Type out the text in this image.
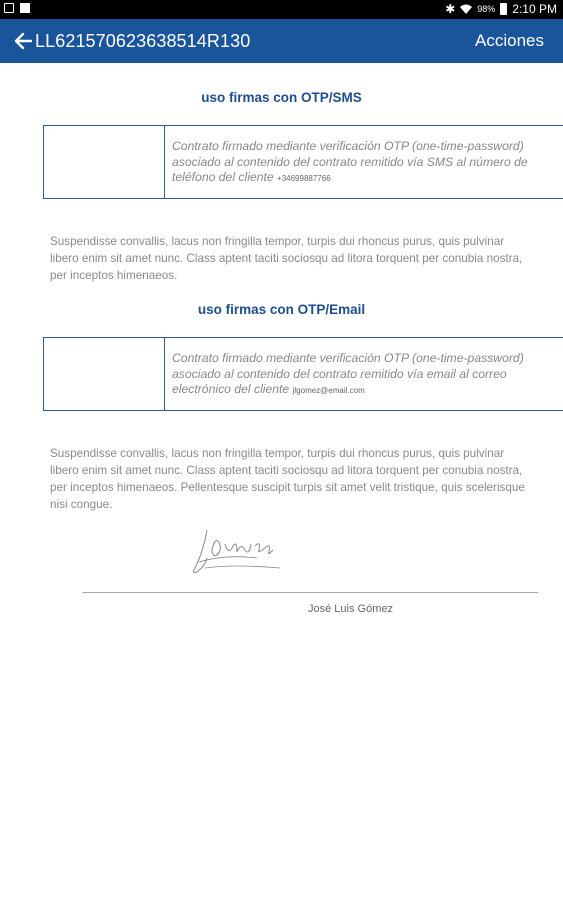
✱ 98% 2:10 PM
LL621570623638514R130	Acciones
uso firmas con OTP/SMS
Contrato firmado mediante verificación OTP (one-time-password) asociado al contenido del contrato remitido vía SMS al número de teléfono del cliente +34699887766
Suspendisse convallis, lacus non fringilla tempor, turpis dui rhoncus purus, quis pulvinar
libero enim sit amet nunc. Class aptent taciti sociosqu ad litora torquent per conubia nostra,
per inceptos himenaeos.
uso firmas con OTP/Email
Contrato firmado mediante verificación OTP (one-time-password) asociado al contenido del contrato remitido vía email al correo electrónico del cliente jlgomez@email.com
Suspendisse convallis, lacus non fringilla tempor, turpis dui rhoncus purus, quis pulvinar
libero enim sit amet nunc. Class aptent taciti sociosqu ad litora torquent per conubia nostra,
per inceptos himenaeos. Pellentesque suscipit turpis sit amet velit tristique, quis scelerisque
nisi congue.
José Luis Gómez
